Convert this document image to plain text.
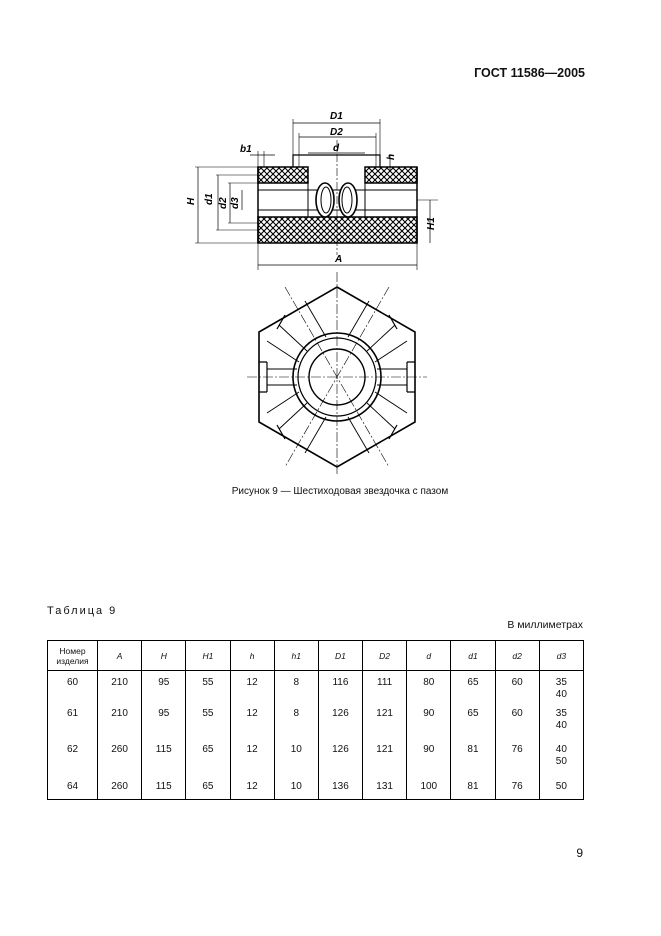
ГОСТ 11586—2005
D1
D2
d
b1
h
H d1 d2 d3
H1
A
Рисунок 9 — Шестиходовая звездочка с пазом
Таблица 9
В миллиметрах
Номер
изделия	A	H	H1	h	h1	D1	D2	d	d1	d2	d3
60	210	95	55	12	8	116	111	80	65	60	35
40
61	210	95	55	12	8	126	121	90	65	60	35
40
62	260	115	65	12	10	126	121	90	81	76	40
50
64	260	115	65	12	10	136	131	100	81	76	50
9
